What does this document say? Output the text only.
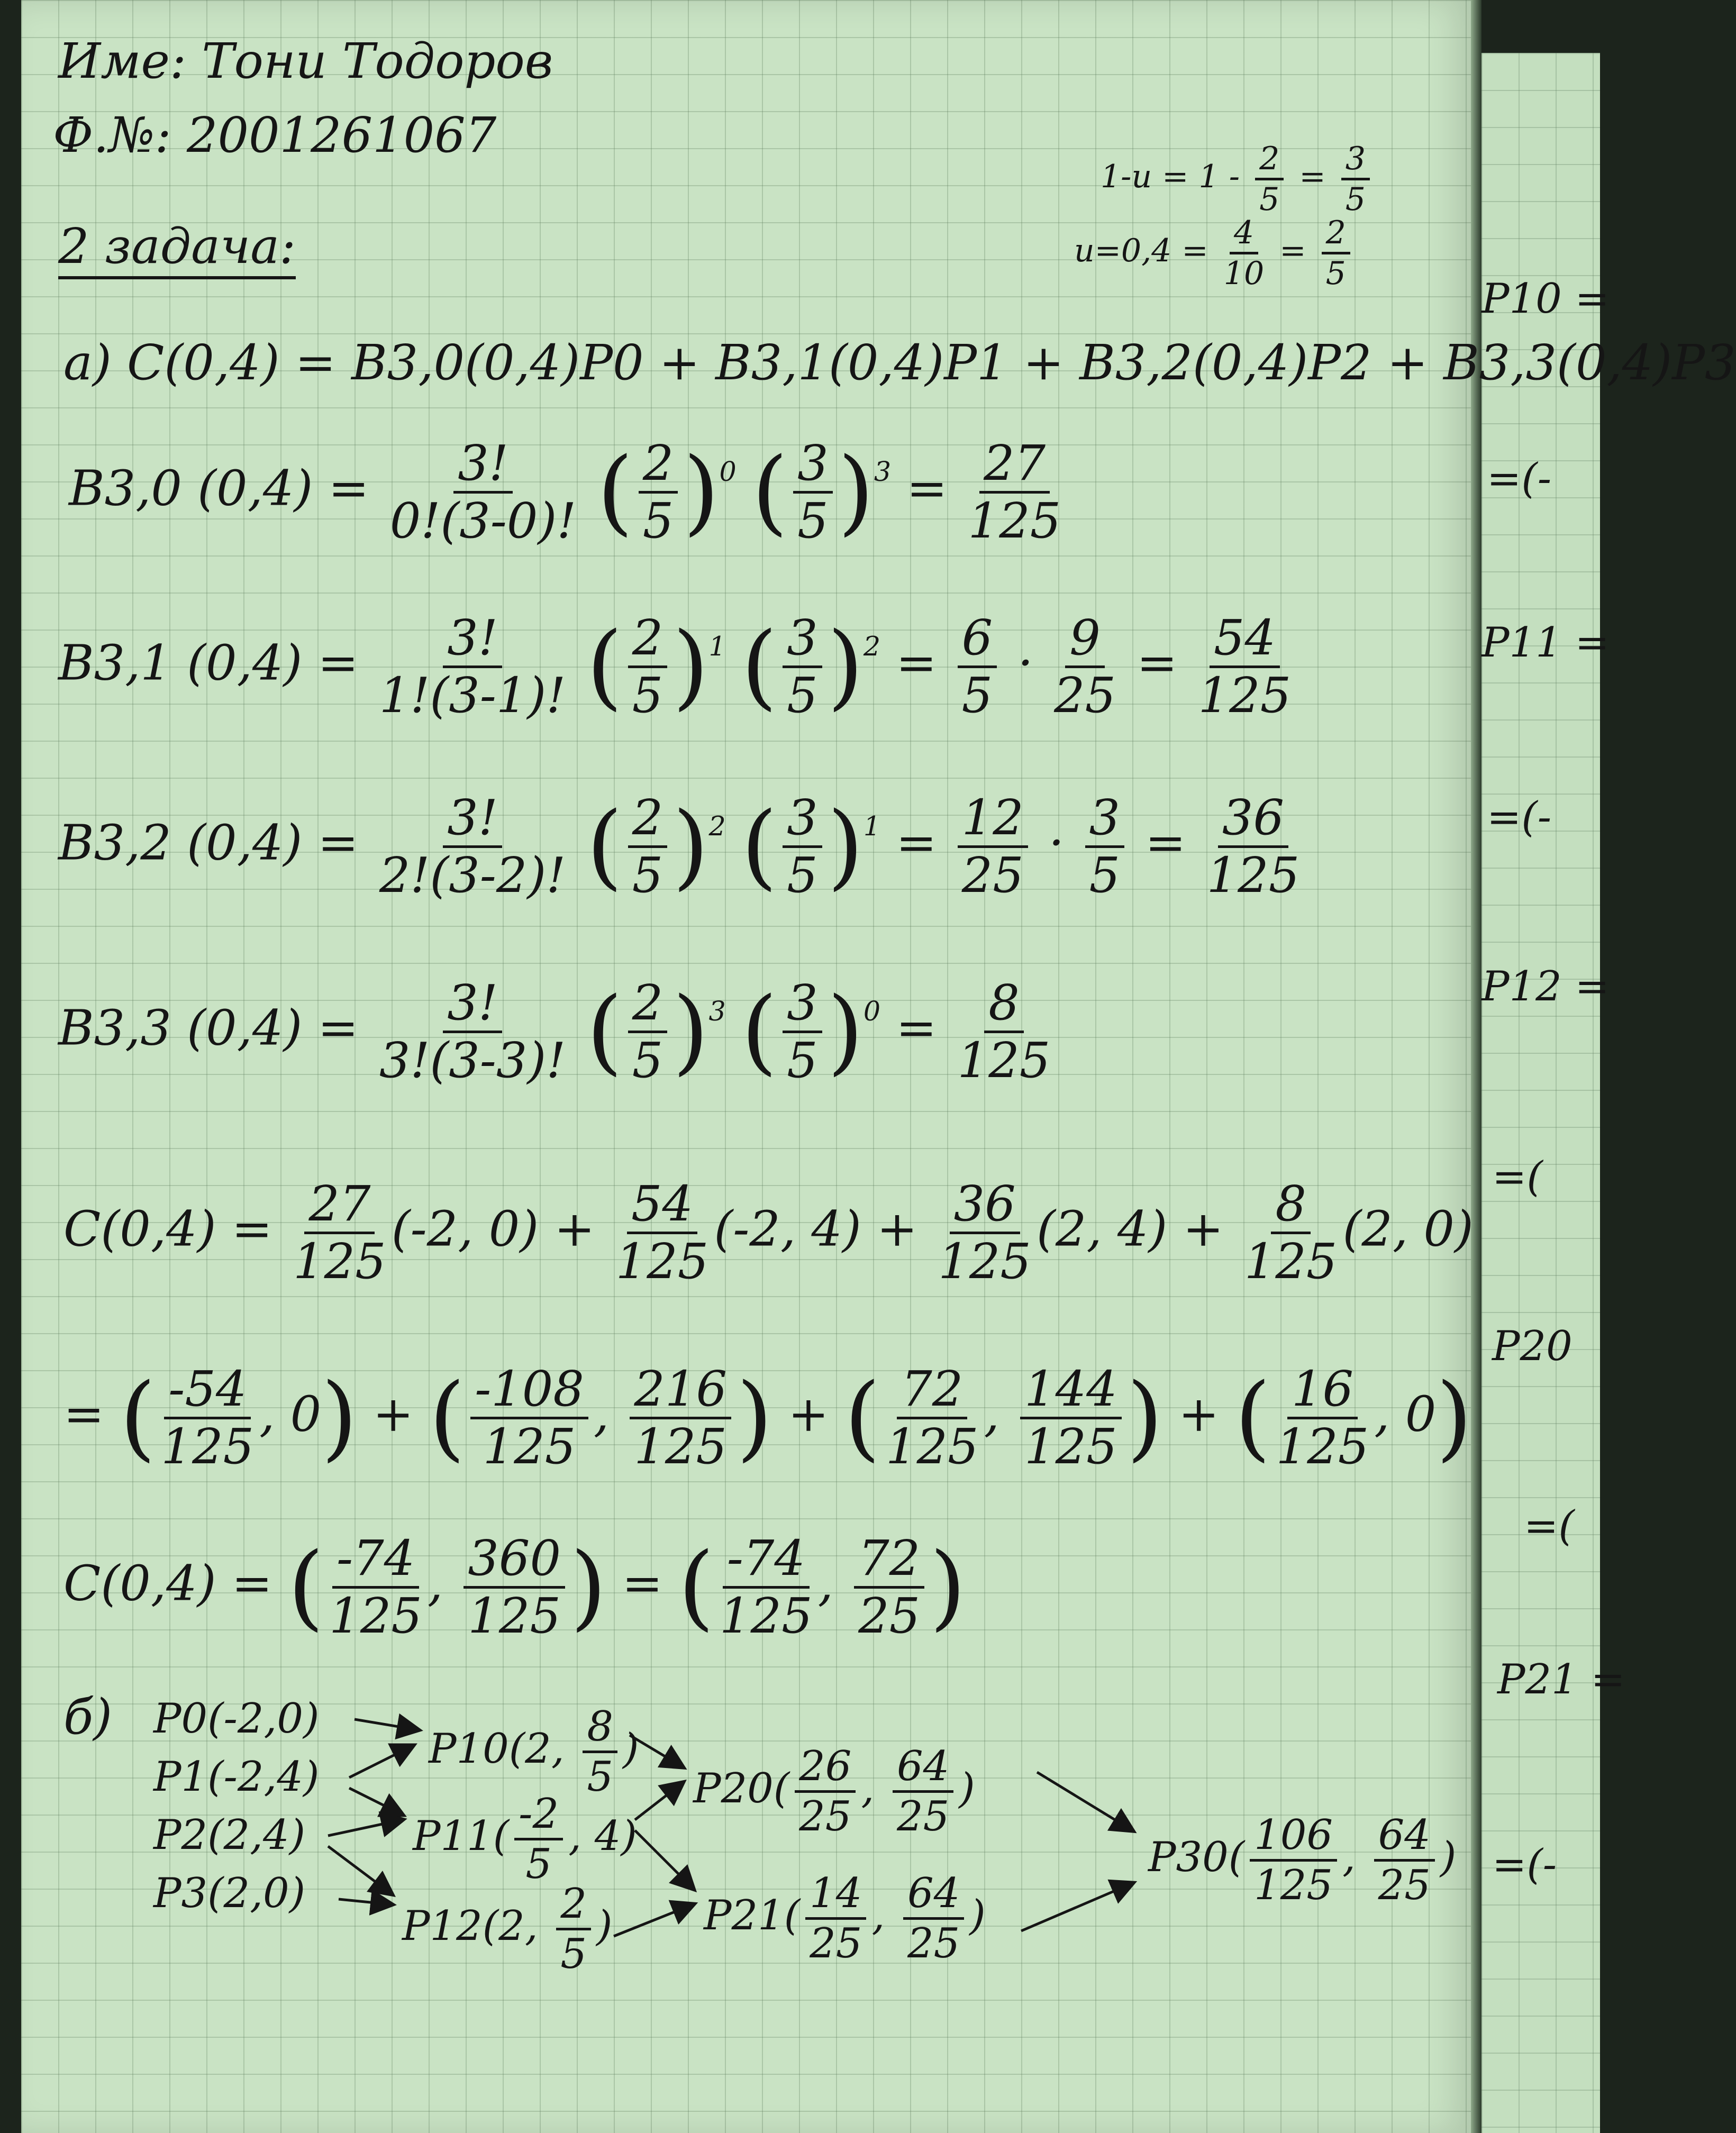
Име: Тони Тодоров
Ф.№: 2001261067
2 задача:
$1-u = 1 - \frac{2}{5} = \frac{3}{5}$
$u=0,4 = \frac{4}{10} = \frac{2}{5}$
а) C(0,4) = B3,0(0,4)P0 + B3,1(0,4)P1 + B3,2(0,4)P2 + B3,3(0,4)P3
B3,0 $(0,4) = \frac{3!}{0!(3-0)!}$ ( $\frac{2}{5} )^0$ ( $\frac{3}{5} )^3 = \frac{27}{125}$
B3,1 $(0,4) = \frac{3!}{1!(3-1)!}$ ( $\frac{2}{5} )^1$ ( $\frac{3}{5} )^2 = \frac{6}{5} \cdot \frac{9}{25} = \frac{54}{125}$
B3,2 $(0,4) = \frac{3!}{2!(3-2)!}$ ( $\frac{2}{5} )^2$ ( $\frac{3}{5} )^1 = \frac{12}{25} \cdot \frac{3}{5} = \frac{36}{125}$
B3,3 $(0,4) = \frac{3!}{3!(3-3)!}$ ( $\frac{2}{5} )^3$ ( $\frac{3}{5} )^0 = \frac{8}{125}$
$C(0,4) = \frac{27}{125} (-2$, $0) + \frac{54}{125} (-2$, $4) + \frac{36}{125} (2$, $4) + \frac{8}{125} (2$, 0)
= ( $\frac{-54}{125}$ , 0) + ( $\frac{-108}{125}$ , $\frac{216}{125}$ ) + ( $\frac{72}{125}$ , $\frac{144}{125}$ ) + ( $\frac{16}{125}$ , 0)
C(0,4) = ( $\frac{-74}{125}$ , $\frac{360}{125}$ ) = ( $\frac{-74}{125}$ , $\frac{72}{25}$ )
б) P0(-2,0)
P1(-2,4)
P2(2,4)
P3(2,0)
P10(2, $\frac{8}{5}$ )
$P11( \frac{-2}{5}$ , 4)
P12(2, $\frac{2}{5}$ )
$P20( \frac{26}{25}$ , $\frac{64}{25}$ )
$P21( \frac{14}{25}$ , $\frac{64}{25}$ )
$P30( \frac{106}{125}$ , $\frac{64}{25}$ )
P10 =
=(-
P11 =
=(-
P12 =
=(
P20
=(
P21 =
=(-
